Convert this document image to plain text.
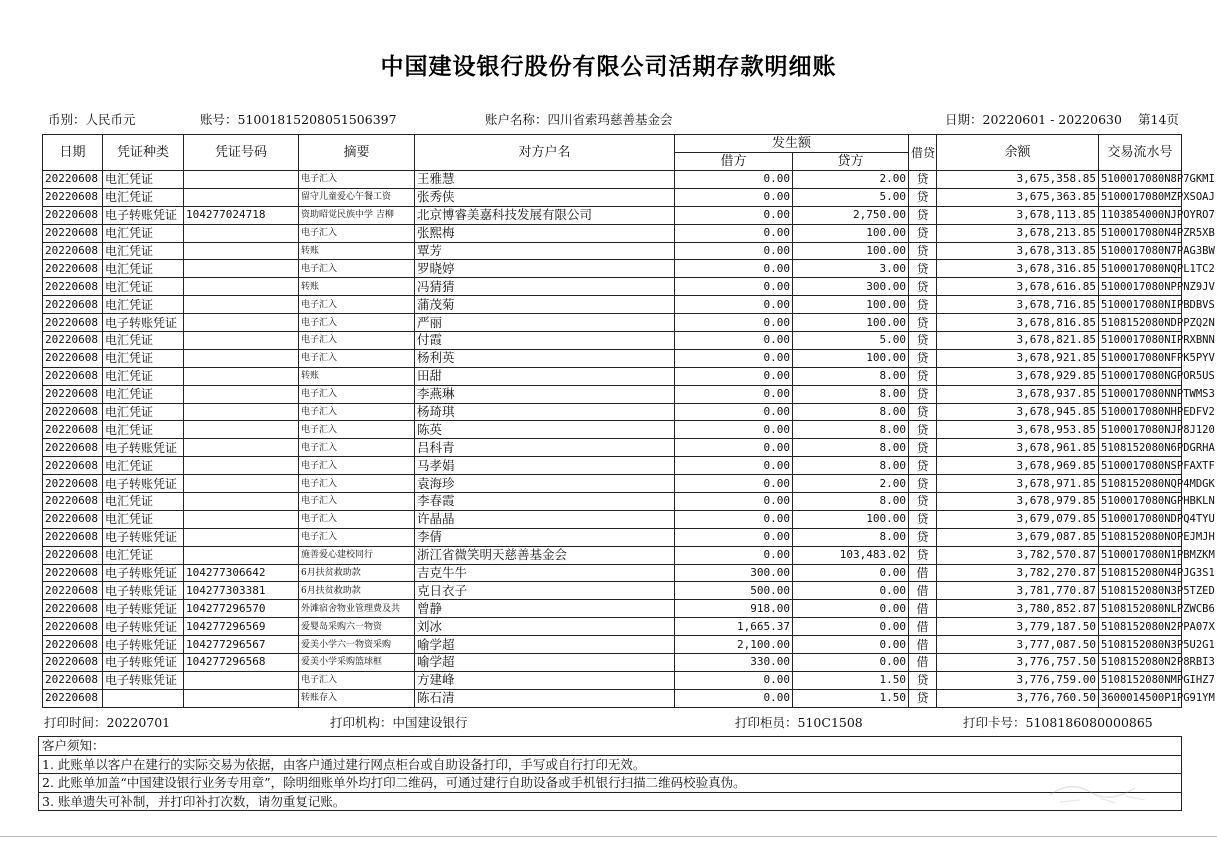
中国建设银行股份有限公司活期存款明细账
币别：人民币元	账号：51001815208051506397	账户名称：四川省索玛慈善基金会	日期：20220601 - 20220630 第14页
日期	凭证种类	凭证号码	摘要	对方户名	发生额		借贷	余额	交易流水号
					借方	贷方			
20220608	电汇凭证		电子汇入	王雅慧	0.00	2.00	贷	3,675,358.85	5100017080N8P7GKMI
20220608	电汇凭证		留守儿童爱心午餐工资	张秀侠	0.00	5.00	贷	3,675,363.85	5100017080MZPXSOAJ
20220608	电子转账凭证	104277024718	资助昭觉民族中学 吉柳	北京博睿美嘉科技发展有限公司	0.00	2,750.00	贷	3,678,113.85	1103854000NJPOYRO7
20220608	电汇凭证		电子汇入	张熙梅	0.00	100.00	贷	3,678,213.85	5100017080N4PZR5XB
20220608	电汇凭证		转账	覃芳	0.00	100.00	贷	3,678,313.85	5100017080N7PAG3BW
20220608	电汇凭证		电子汇入	罗晓婷	0.00	3.00	贷	3,678,316.85	5100017080NQPL1TC2
20220608	电汇凭证		转账	冯猜猜	0.00	300.00	贷	3,678,616.85	5100017080NPPNZ9JV
20220608	电汇凭证		电子汇入	蒲茂菊	0.00	100.00	贷	3,678,716.85	5100017080NIPBDBVS
20220608	电子转账凭证		电子汇入	严丽	0.00	100.00	贷	3,678,816.85	5108152080NDPPZQ2N
20220608	电汇凭证		电子汇入	付霞	0.00	5.00	贷	3,678,821.85	5100017080NIPRXBNN
20220608	电汇凭证		电子汇入	杨利英	0.00	100.00	贷	3,678,921.85	5100017080NFPK5PYV
20220608	电汇凭证		转账	田甜	0.00	8.00	贷	3,678,929.85	5100017080NGPOR5US
20220608	电汇凭证		电子汇入	李燕琳	0.00	8.00	贷	3,678,937.85	5100017080NNPTWMS3
20220608	电汇凭证		电子汇入	杨琦琪	0.00	8.00	贷	3,678,945.85	5100017080NHPEDFV2
20220608	电汇凭证		电子汇入	陈英	0.00	8.00	贷	3,678,953.85	5100017080NJP8J120
20220608	电子转账凭证		电子汇入	吕科青	0.00	8.00	贷	3,678,961.85	5108152080N6PDGRHA
20220608	电汇凭证		电子汇入	马孝娟	0.00	8.00	贷	3,678,969.85	5100017080NSPFAXTF
20220608	电子转账凭证		电子汇入	袁海珍	0.00	2.00	贷	3,678,971.85	5108152080NQP4MDGK
20220608	电汇凭证		电子汇入	李春霞	0.00	8.00	贷	3,678,979.85	5100017080NGPHBKLN
20220608	电汇凭证		电子汇入	许晶晶	0.00	100.00	贷	3,679,079.85	5100017080NDPQ4TYU
20220608	电子转账凭证		电子汇入	李倩	0.00	8.00	贷	3,679,087.85	5108152080NOPEJMJH
20220608	电汇凭证		施善爱心建校同行	浙江省微笑明天慈善基金会	0.00	103,483.02	贷	3,782,570.87	5100017080N1PBMZKM
20220608	电子转账凭证	104277306642	6月扶贫救助款	吉克牛牛	300.00	0.00	借	3,782,270.87	5108152080N4PJG3S1
20220608	电子转账凭证	104277303381	6月扶贫救助款	克日衣子	500.00	0.00	借	3,781,770.87	5108152080N3P5TZED
20220608	电子转账凭证	104277296570	外滩宿舍物业管理费及共	曾静	918.00	0.00	借	3,780,852.87	5108152080NLPZWCB6
20220608	电子转账凭证	104277296569	爱婴岛采购六一物资	刘冰	1,665.37	0.00	借	3,779,187.50	5108152080N2PPA07X
20220608	电子转账凭证	104277296567	爱美小学六一物资采购	喻学超	2,100.00	0.00	借	3,777,087.50	5108152080N3P5U2G1
20220608	电子转账凭证	104277296568	爱美小学采购篮球框	喻学超	330.00	0.00	借	3,776,757.50	5108152080N2P8RBI3
20220608	电子转账凭证		电子汇入	方建峰	0.00	1.50	贷	3,776,759.00	5108152080NMPGIHZ7
20220608			转账存入	陈石清	0.00	1.50	贷	3,776,760.50	3600014500P1PG91YM
打印时间：20220701	打印机构：中国建设银行	打印柜员：510C1508	打印卡号：5108186080000865
客户须知：
1. 此账单以客户在建行的实际交易为依据，由客户通过建行网点柜台或自助设备打印，手写或自行打印无效。
2. 此账单加盖“中国建设银行业务专用章”，除明细账单外均打印二维码，可通过建行自助设备或手机银行扫描二维码校验真伪。
3. 账单遗失可补制，并打印补打次数，请勿重复记账。
